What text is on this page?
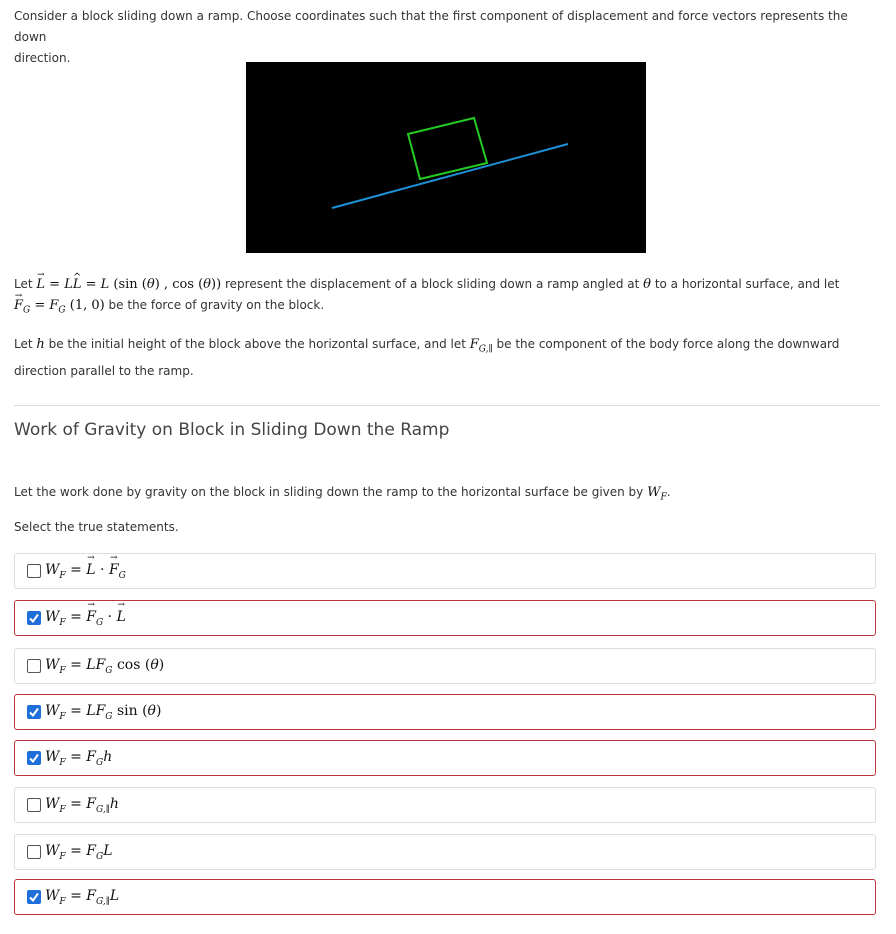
Consider a block sliding down a ramp. Choose coordinates such that the first component of displacement and force vectors represents the down
direction.

Let → L = L^ L = L (sin (θ) , cos (θ)) represent the displacement of a block sliding down a ramp angled at θ to a horizontal surface, and let
→ $F_G = F_G$ (1, 0) be the force of gravity on the block.

Let h be the initial height of the block above the horizontal surface, and let $F_{G,\parallel}$ be the component of the body force along the downward
direction parallel to the ramp.

Work of Gravity on Block in Sliding Down the Ramp

Let the work done by gravity on the block in sliding down the ramp to the horizontal surface be given by $W_F$.

Select the true statements.

$W_F$ = → L · → $F_G$
$W_F$ = → $F_G$ · → L
$W_F = LF_G$ cos (θ)
$W_F = LF_G$ sin (θ)
$W_F = F_Gh$
$W_F = F_{G,\parallel}h$
$W_F = F_GL$
$W_F = F_{G,\parallel}L$
